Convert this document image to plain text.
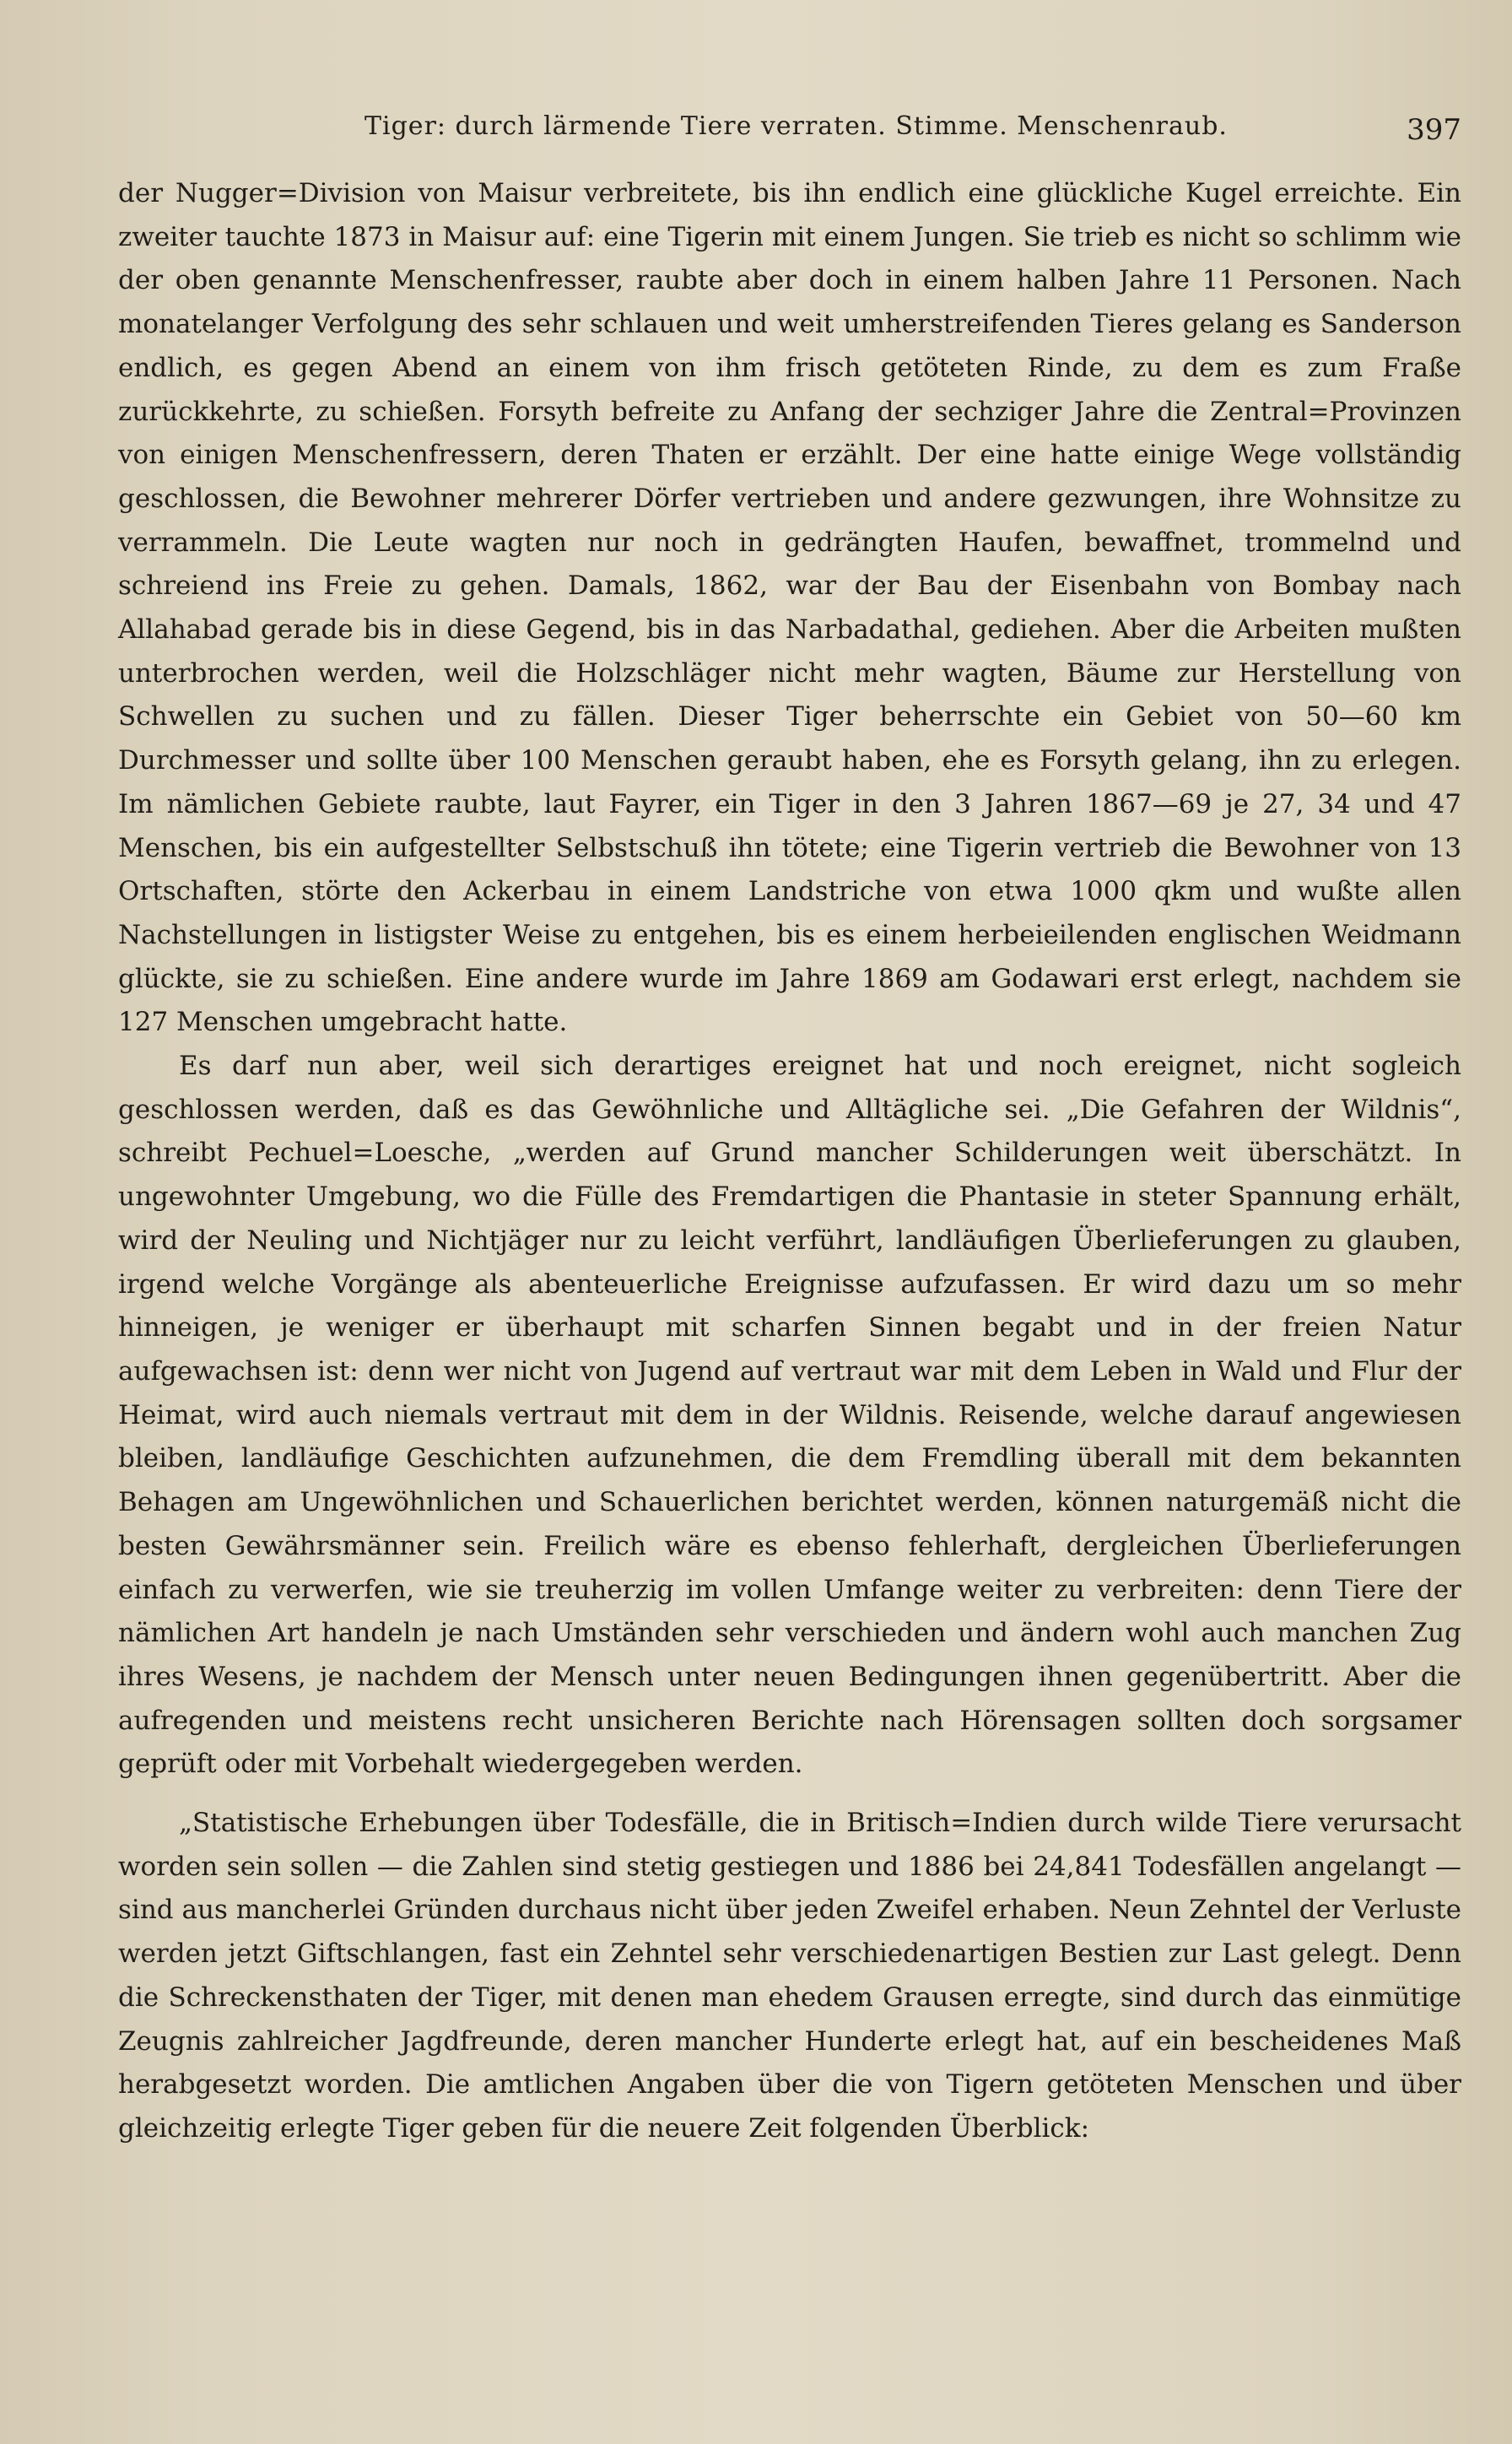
Tiger: durch lärmende Tiere verraten. Stimme. Menschenraub.	397

der Nugger=Division von Maisur verbreitete, bis ihn endlich eine glückliche Kugel erreichte. Ein zweiter tauchte 1873 in Maisur auf: eine Tigerin mit einem Jungen. Sie trieb es nicht so schlimm wie der oben genannte Menschenfresser, raubte aber doch in einem halben Jahre 11 Personen. Nach monatelanger Verfolgung des sehr schlauen und weit umherstreifenden Tieres gelang es Sanderson endlich, es gegen Abend an einem von ihm frisch getöteten Rinde, zu dem es zum Fraße zurückkehrte, zu schießen. Forsyth befreite zu Anfang der sechziger Jahre die Zentral=Provinzen von einigen Menschenfressern, deren Thaten er erzählt. Der eine hatte einige Wege vollständig geschlossen, die Bewohner mehrerer Dörfer vertrieben und andere gezwungen, ihre Wohnsitze zu verrammeln. Die Leute wagten nur noch in gedrängten Haufen, bewaffnet, trommelnd und schreiend ins Freie zu gehen. Damals, 1862, war der Bau der Eisenbahn von Bombay nach Allahabad gerade bis in diese Gegend, bis in das Narbadathal, gediehen. Aber die Arbeiten mußten unterbrochen werden, weil die Holzschläger nicht mehr wagten, Bäume zur Herstellung von Schwellen zu suchen und zu fällen. Dieser Tiger beherrschte ein Gebiet von 50—60 km Durchmesser und sollte über 100 Menschen geraubt haben, ehe es Forsyth gelang, ihn zu erlegen. Im nämlichen Gebiete raubte, laut Fayrer, ein Tiger in den 3 Jahren 1867—69 je 27, 34 und 47 Menschen, bis ein aufgestellter Selbstschuß ihn tötete; eine Tigerin vertrieb die Bewohner von 13 Ortschaften, störte den Ackerbau in einem Landstriche von etwa 1000 qkm und wußte allen Nachstellungen in listigster Weise zu entgehen, bis es einem herbeieilenden englischen Weidmann glückte, sie zu schießen. Eine andere wurde im Jahre 1869 am Godawari erst erlegt, nachdem sie 127 Menschen umgebracht hatte.

Es darf nun aber, weil sich derartiges ereignet hat und noch ereignet, nicht sogleich geschlossen werden, daß es das Gewöhnliche und Alltägliche sei. „Die Gefahren der Wildnis“, schreibt Pechuel=Loesche, „werden auf Grund mancher Schilderungen weit überschätzt. In ungewohnter Umgebung, wo die Fülle des Fremdartigen die Phantasie in steter Spannung erhält, wird der Neuling und Nichtjäger nur zu leicht verführt, landläufigen Überlieferungen zu glauben, irgend welche Vorgänge als abenteuerliche Ereignisse aufzufassen. Er wird dazu um so mehr hinneigen, je weniger er überhaupt mit scharfen Sinnen begabt und in der freien Natur aufgewachsen ist: denn wer nicht von Jugend auf vertraut war mit dem Leben in Wald und Flur der Heimat, wird auch niemals vertraut mit dem in der Wildnis. Reisende, welche darauf angewiesen bleiben, landläufige Geschichten aufzunehmen, die dem Fremdling überall mit dem bekannten Behagen am Ungewöhnlichen und Schauerlichen berichtet werden, können naturgemäß nicht die besten Gewährsmänner sein. Freilich wäre es ebenso fehlerhaft, dergleichen Überlieferungen einfach zu verwerfen, wie sie treuherzig im vollen Umfange weiter zu verbreiten: denn Tiere der nämlichen Art handeln je nach Umständen sehr verschieden und ändern wohl auch manchen Zug ihres Wesens, je nachdem der Mensch unter neuen Bedingungen ihnen gegenübertritt. Aber die aufregenden und meistens recht unsicheren Berichte nach Hörensagen sollten doch sorgsamer geprüft oder mit Vorbehalt wiedergegeben werden.

„Statistische Erhebungen über Todesfälle, die in Britisch=Indien durch wilde Tiere verursacht worden sein sollen — die Zahlen sind stetig gestiegen und 1886 bei 24,841 Todesfällen angelangt — sind aus mancherlei Gründen durchaus nicht über jeden Zweifel erhaben. Neun Zehntel der Verluste werden jetzt Giftschlangen, fast ein Zehntel sehr verschiedenartigen Bestien zur Last gelegt. Denn die Schreckensthaten der Tiger, mit denen man ehedem Grausen erregte, sind durch das einmütige Zeugnis zahlreicher Jagdfreunde, deren mancher Hunderte erlegt hat, auf ein bescheidenes Maß herabgesetzt worden. Die amtlichen Angaben über die von Tigern getöteten Menschen und über gleichzeitig erlegte Tiger geben für die neuere Zeit folgenden Überblick:
